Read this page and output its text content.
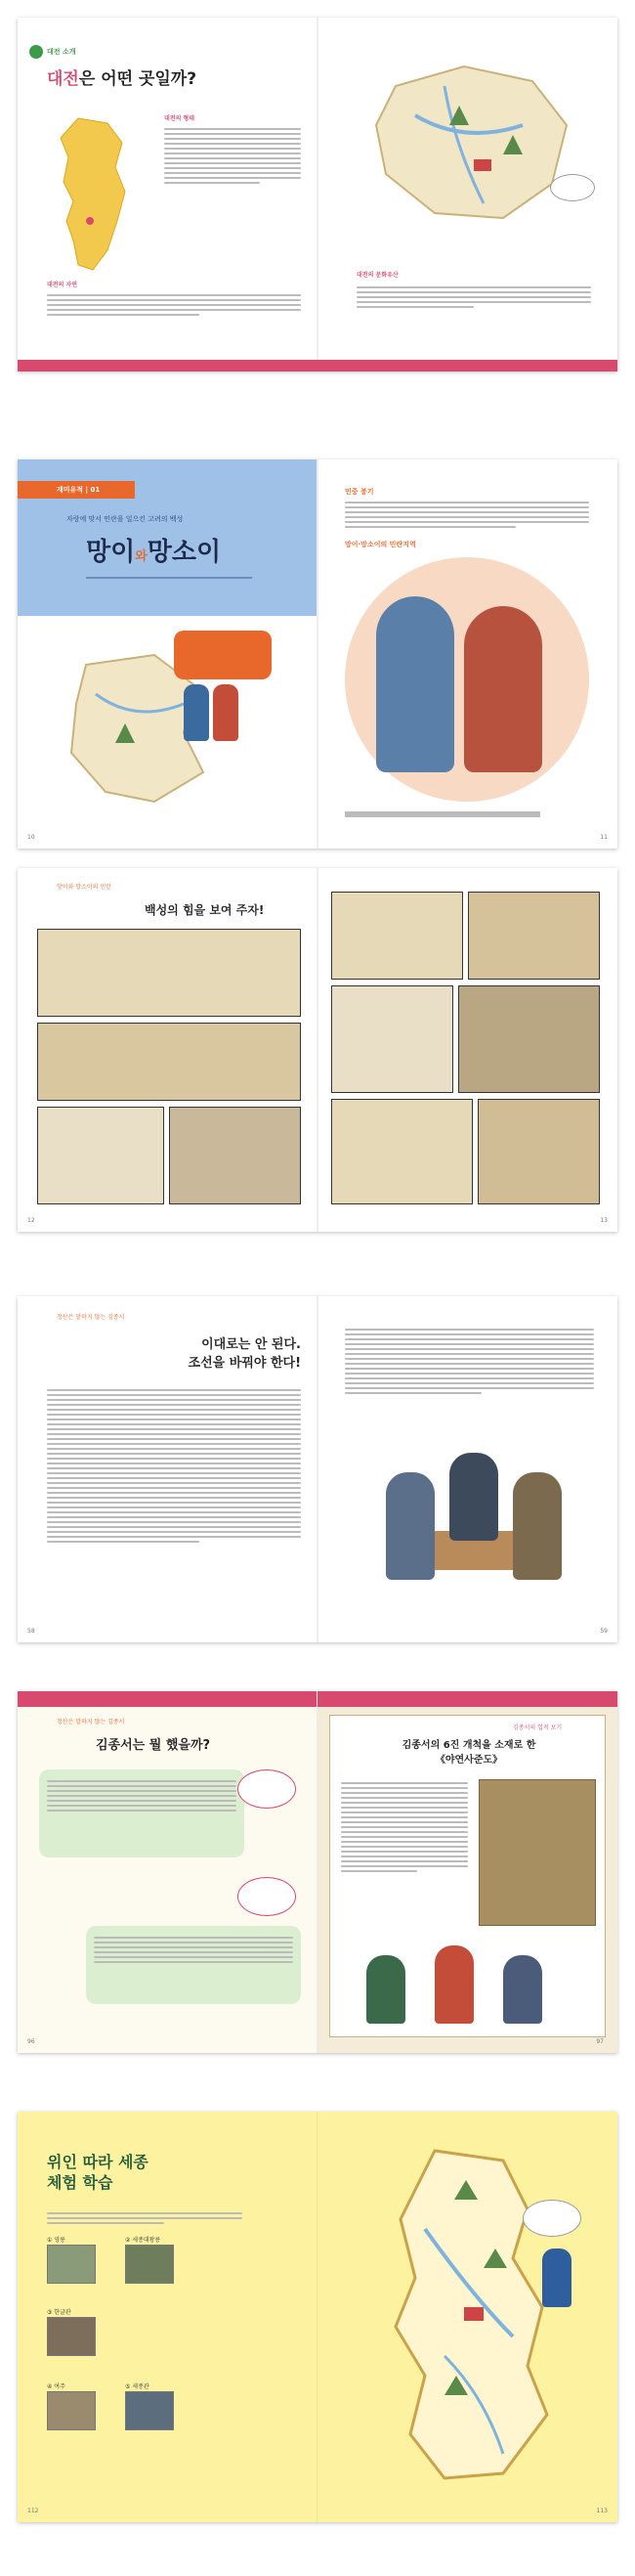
대전 소개
대전은 어떤 곳일까?
대전의 형태
대전의 자연
대전의 문화유산
재미유적 | 01
자랑에 맞서 민란을 일으킨 고려의 백성
망이와망소이
10
민중 봉기
망이·망소이의 민란지역
11
망이와 망소이의 민란
백성의 힘을 보여 주자!
12	13
청산은 말하지 않는 김종서
이대로는 안 된다.
조선을 바꿔야 한다!
58	59
청산은 말하지 않는 김종서
김종서는 뭘 했을까?
96
김종서의 업적 보기
김종서의 6진 개척을 소재로 한
《야연사준도》
97
위인 따라 세종
체험 학습
① 영릉	② 세종대왕릉
③ 한글관
④ 여주	⑤ 세종관
112	113
